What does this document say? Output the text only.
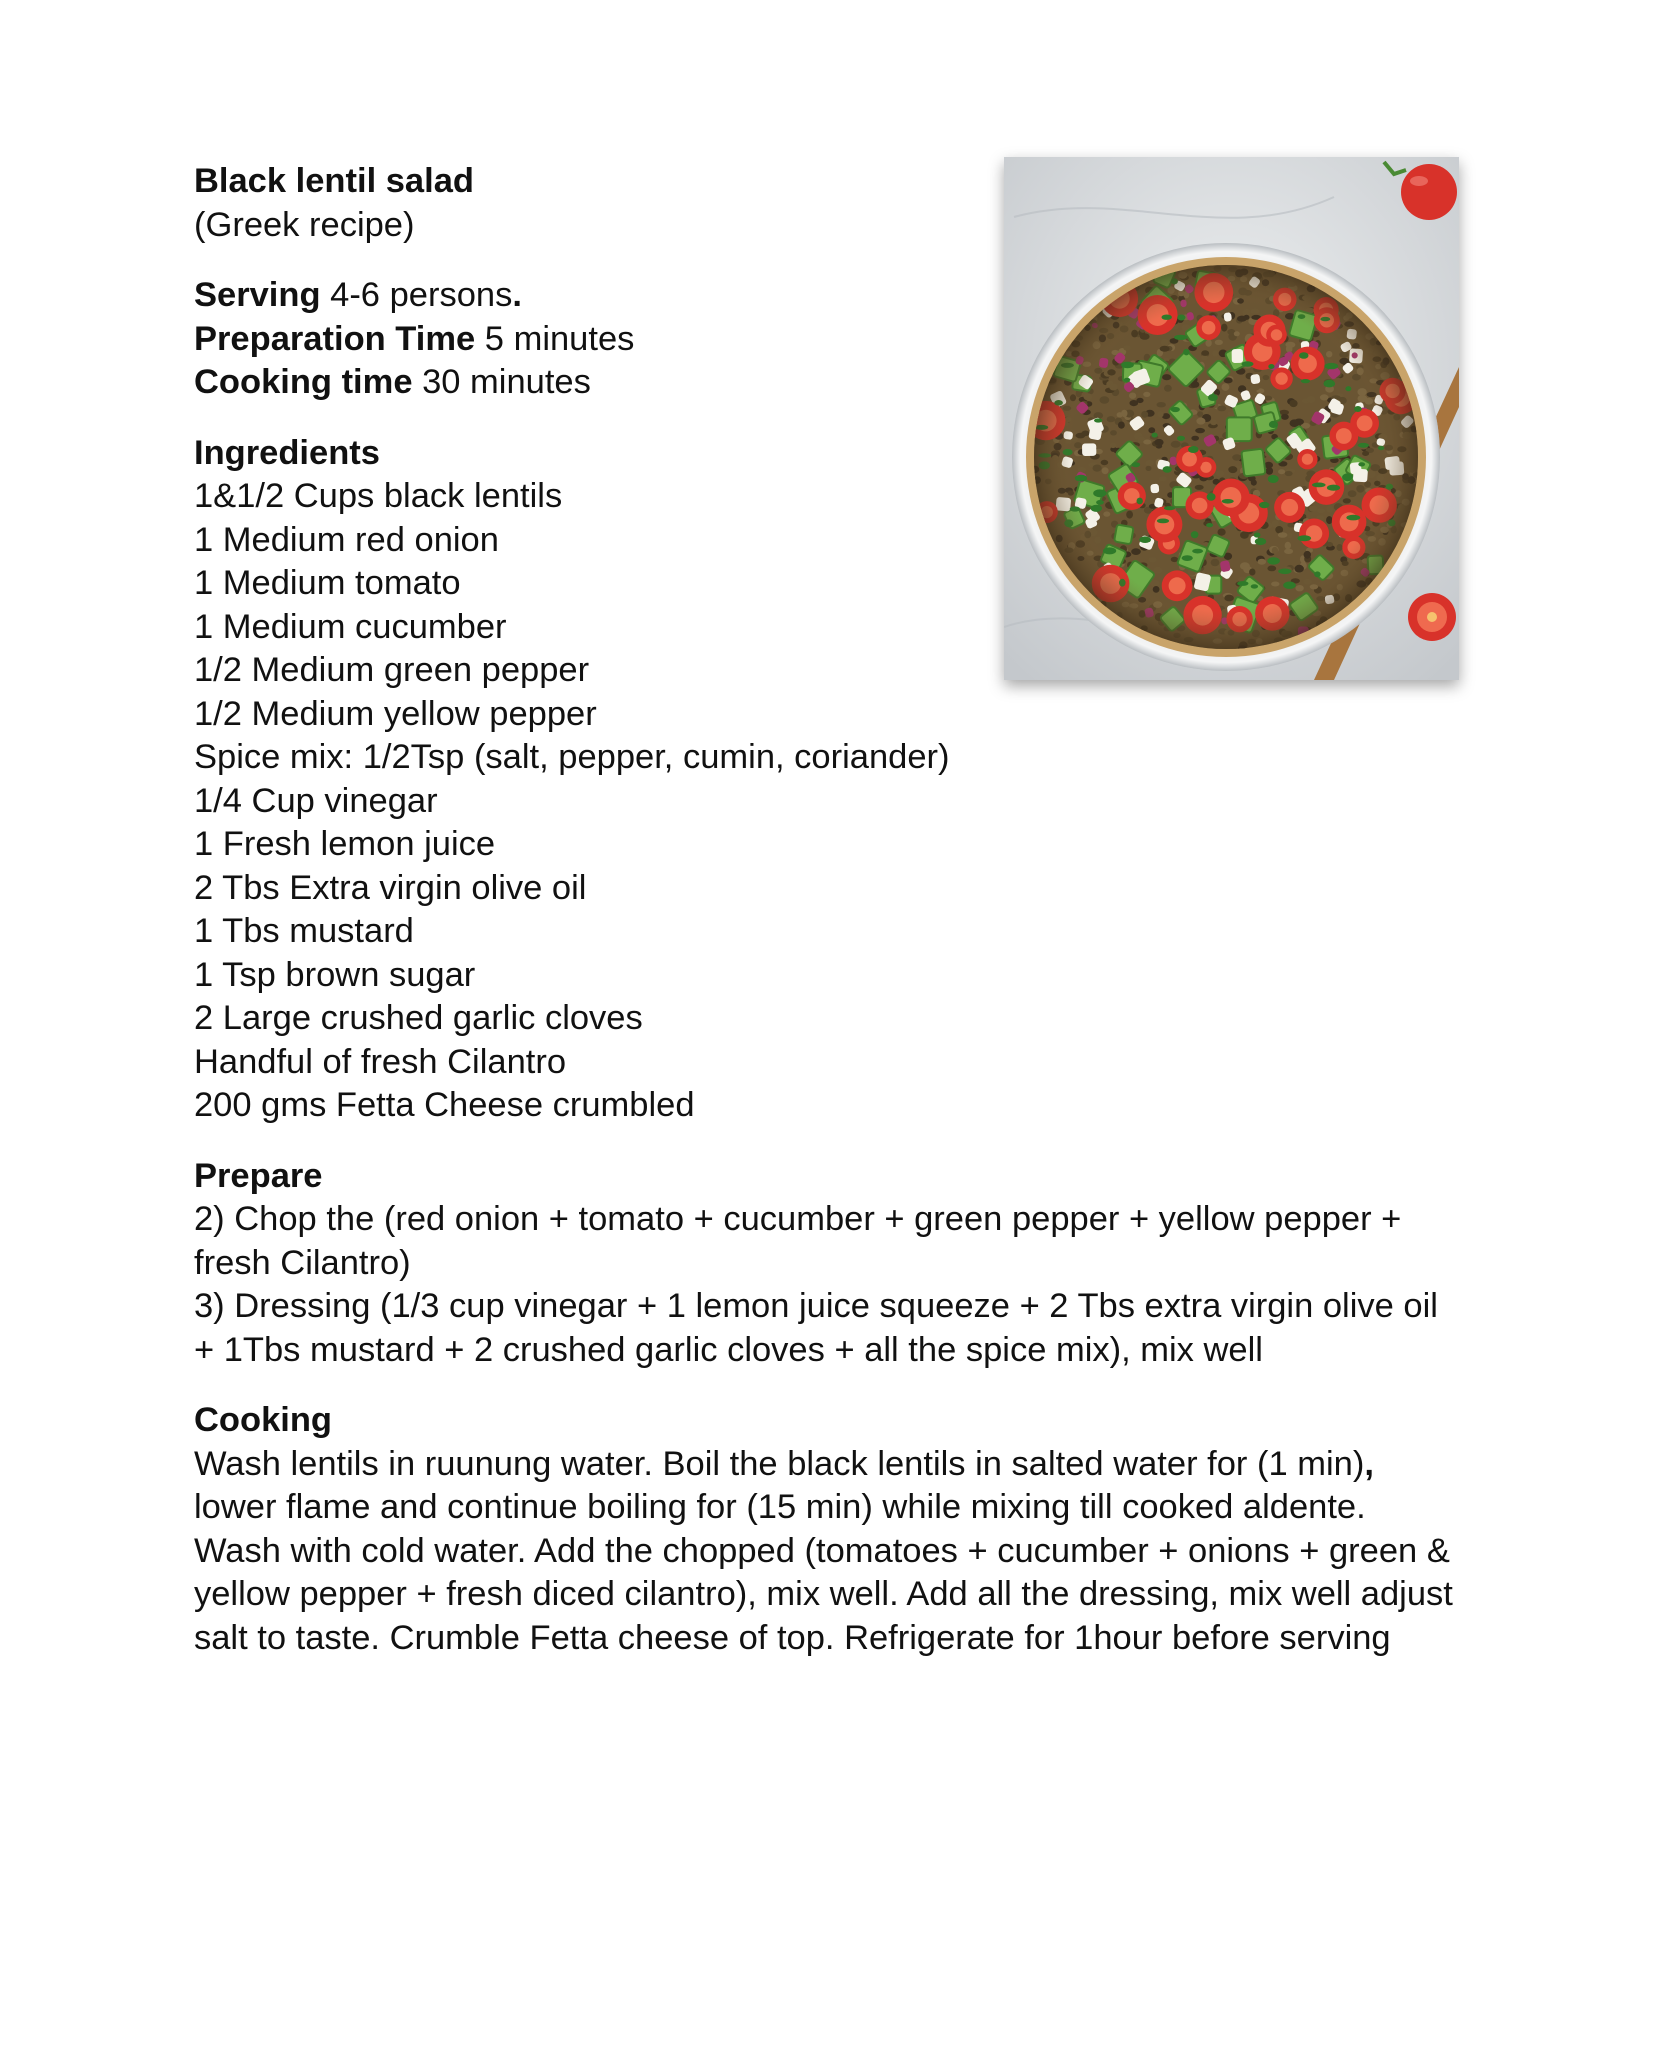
Black lentil salad
(Greek recipe)
Serving 4-6 persons.
Preparation Time 5 minutes
Cooking time 30 minutes
Ingredients
1&1/2 Cups black lentils
1 Medium red onion
1 Medium tomato
1 Medium cucumber
1/2 Medium green pepper
1/2 Medium yellow pepper
Spice mix: 1/2Tsp (salt, pepper, cumin, coriander)
1/4 Cup vinegar
1 Fresh lemon juice
2 Tbs Extra virgin olive oil
1 Tbs mustard
1 Tsp brown sugar
2 Large crushed garlic cloves
Handful of fresh Cilantro
200 gms Fetta Cheese crumbled
Prepare
2) Chop the (red onion + tomato + cucumber + green pepper + yellow pepper + fresh Cilantro)
3) Dressing (1/3 cup vinegar + 1 lemon juice squeeze + 2 Tbs extra virgin olive oil + 1Tbs mustard + 2 crushed garlic cloves + all the spice mix), mix well
Cooking
Wash lentils in ruunung water. Boil the black lentils in salted water for (1 min), lower flame and continue boiling for (15 min) while mixing till cooked aldente. Wash with cold water. Add the chopped (tomatoes + cucumber + onions + green & yellow pepper + fresh diced cilantro), mix well. Add all the dressing, mix well adjust salt to taste. Crumble Fetta cheese of top. Refrigerate for 1hour before serving
